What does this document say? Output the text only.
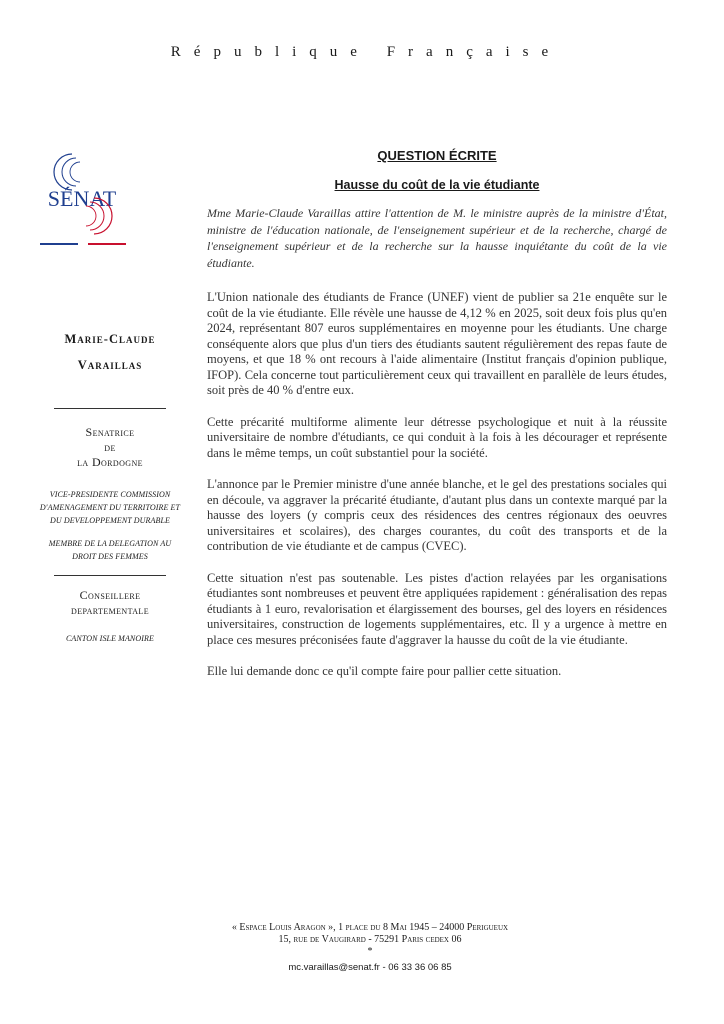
République Française
SÉNAT
Marie-Claude
Varaillas
Senatrice
de
la Dordogne
VICE-PRESIDENTE COMMISSION D'AMENAGEMENT DU TERRITOIRE ET DU DEVELOPPEMENT DURABLE
MEMBRE DE LA DELEGATION AU DROIT DES FEMMES
Conseillere
departementale
CANTON ISLE MANOIRE
QUESTION ÉCRITE
Hausse du coût de la vie étudiante

Mme Marie-Claude Varaillas attire l'attention de M. le ministre auprès de la ministre d'État, ministre de l'éducation nationale, de l'enseignement supérieur et de la recherche, chargé de l'enseignement supérieur et de la recherche sur la hausse inquiétante du coût de la vie étudiante.

L'Union nationale des étudiants de France (UNEF) vient de publier sa 21e enquête sur le coût de la vie étudiante. Elle révèle une hausse de 4,12 % en 2025, soit deux fois plus qu'en 2024, représentant 807 euros supplémentaires en moyenne pour les étudiants. Une charge conséquente alors que plus d'un tiers des étudiants sautent régulièrement des repas faute de moyens, et que 18 % ont recours à l'aide alimentaire (Institut français d'opinion publique, IFOP). Cela concerne tout particulièrement ceux qui travaillent en parallèle de leurs études, soit près de 40 % d'entre eux.

Cette précarité multiforme alimente leur détresse psychologique et nuit à la réussite universitaire de nombre d'étudiants, ce qui conduit à la fois à les décourager et représente dans le même temps, un coût substantiel pour la société.

L'annonce par le Premier ministre d'une année blanche, et le gel des prestations sociales qui en découle, va aggraver la précarité étudiante, d'autant plus dans un contexte marqué par la hausse des loyers (y compris ceux des résidences des centres régionaux des oeuvres universitaires et scolaires), des charges courantes, du coût des transports et de la contribution de vie étudiante et de campus (CVEC).

Cette situation n'est pas soutenable. Les pistes d'action relayées par les organisations étudiantes sont nombreuses et peuvent être appliquées rapidement : généralisation des repas étudiants à 1 euro, revalorisation et élargissement des bourses, gel des loyers en résidences universitaires, construction de logements supplémentaires, etc. Il y a urgence à mettre en place ces mesures préconisées faute d'aggraver la hausse du coût de la vie étudiante.

Elle lui demande donc ce qu'il compte faire pour pallier cette situation.

« Espace Louis Aragon », 1 place du 8 Mai 1945 – 24000 Perigueux
15, rue de Vaugirard - 75291 Paris cedex 06
*
mc.varaillas@senat.fr - 06 33 36 06 85
